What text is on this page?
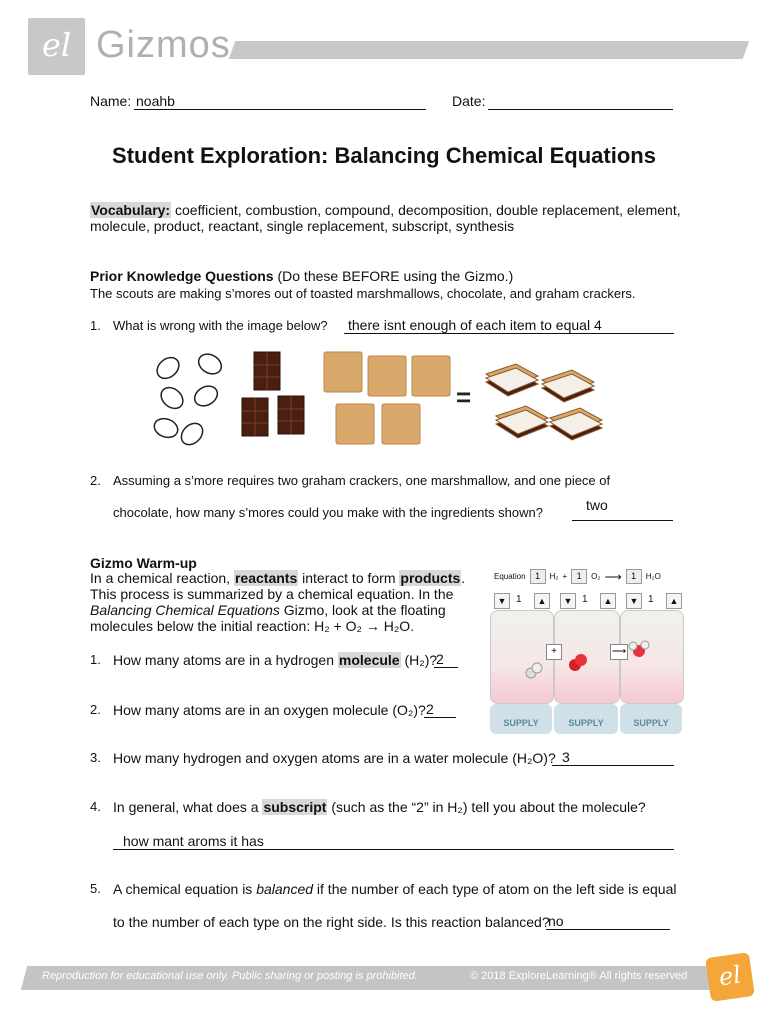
el Gizmos
Name: noahb	Date:
Student Exploration: Balancing Chemical Equations
Vocabulary: coefficient, combustion, compound, decomposition, double replacement, element,
molecule, product, reactant, single replacement, subscript, synthesis
Prior Knowledge Questions (Do these BEFORE using the Gizmo.)
The scouts are making s’mores out of toasted marshmallows, chocolate, and graham crackers.
1. What is wrong with the image below? there isnt enough of each item to equal 4
=
2. Assuming a s’more requires two graham crackers, one marshmallow, and one piece of
chocolate, how many s’mores could you make with the ingredients shown?	two
Gizmo Warm-up
In a chemical reaction, reactants interact to form products.
This process is summarized by a chemical equation. In the
Balancing Chemical Equations Gizmo, look at the floating
molecules below the initial reaction: H₂ + O₂ → H₂O.
Equation	1	H₂ +	1	O₂ ⟶	1	H₂O
▼ 1	▲
SUPPLY
▼ 1	▲
+
SUPPLY
▼ 1	▲
⟶
SUPPLY
1. How many atoms are in a hydrogen molecule (H₂)?
2
2. How many atoms are in an oxygen molecule (O₂)? 2
3. How many hydrogen and oxygen atoms are in a water molecule (H₂O)? 3
4. In general, what does a subscript (such as the “2” in H₂) tell you about the molecule?
how mant aroms it has
5. A chemical equation is balanced if the number of each type of atom on the left side is equal
to the number of each type on the right side. Is this reaction balanced?
no
Reproduction for educational use only. Public sharing or posting is prohibited.	© 2018 ExploreLearning® All rights reserved	el
